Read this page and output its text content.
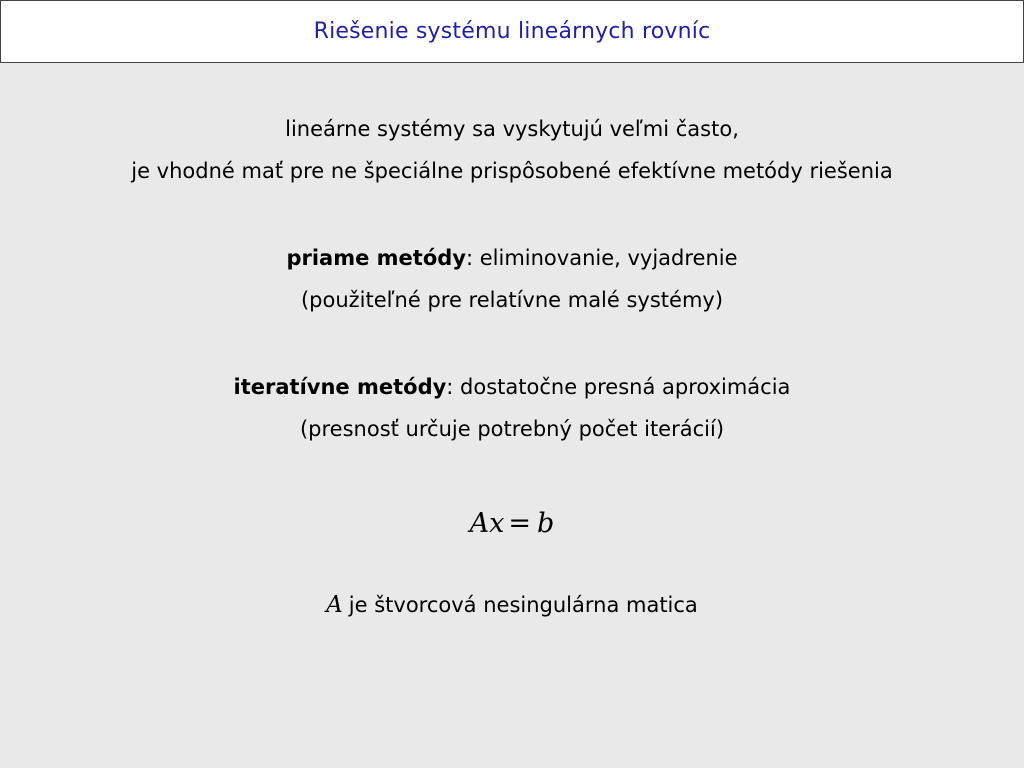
Riešenie systému lineárnych rovníc
lineárne systémy sa vyskytujú veľmi často,
je vhodné mať pre ne špeciálne prispôsobené efektívne metódy riešenia
priame metódy: eliminovanie, vyjadrenie
(použiteľné pre relatívne malé systémy)
iteratívne metódy: dostatočne presná aproximácia
(presnosť určuje potrebný počet iterácií)
Ax = b
A je štvorcová nesingulárna matica
